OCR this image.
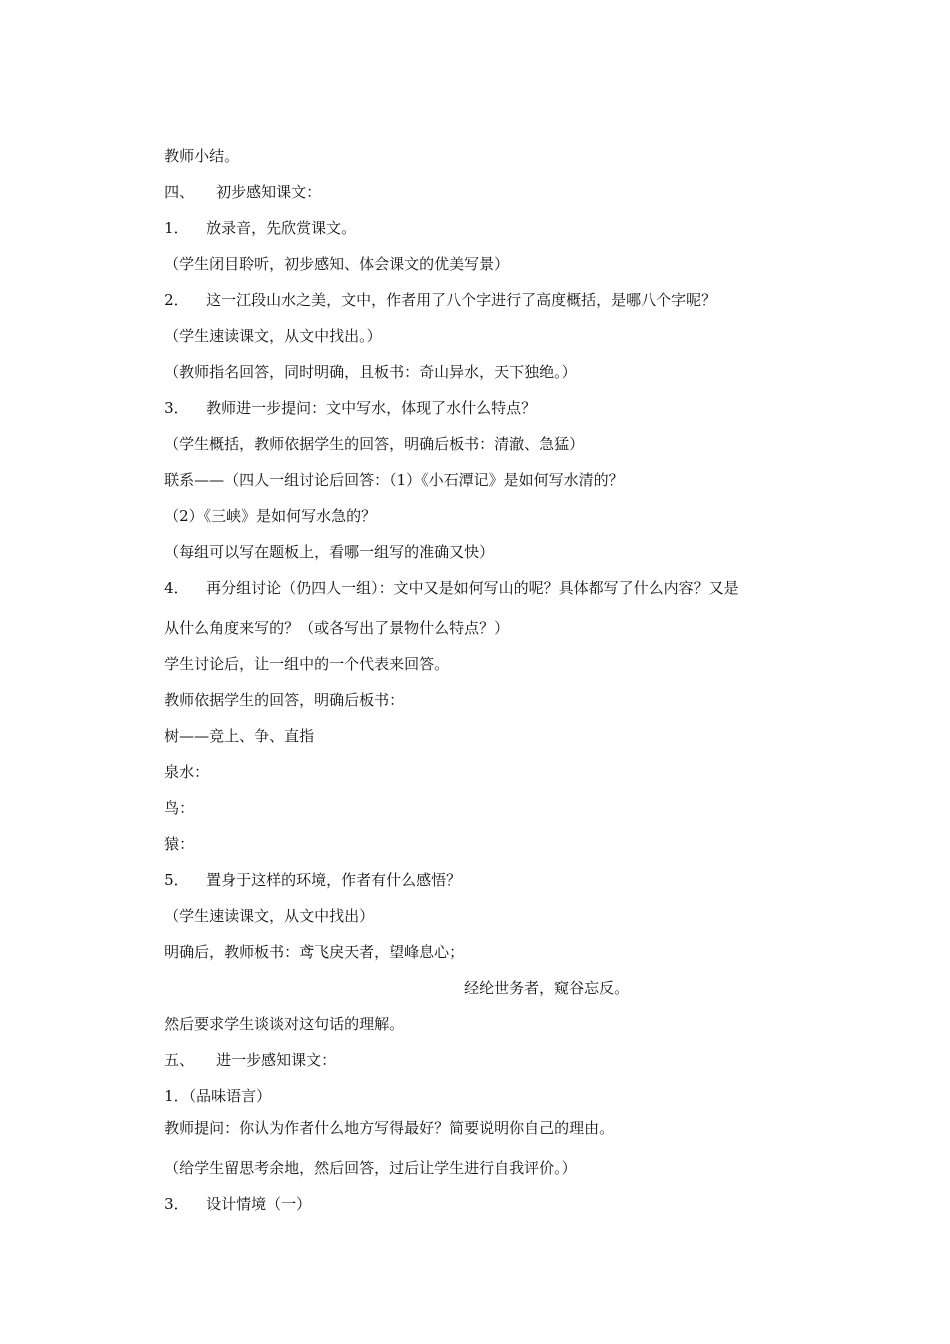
教师小结。

四、 初步感知课文：

1． 放录音，先欣赏课文。

（学生闭目聆听，初步感知、体会课文的优美写景）

2． 这一江段山水之美，文中，作者用了八个字进行了高度概括，是哪八个字呢？

（学生速读课文，从文中找出。）

（教师指名回答，同时明确，且板书：奇山异水，天下独绝。）

3． 教师进一步提问：文中写水，体现了水什么特点？

（学生概括，教师依据学生的回答，明确后板书：清澈、急猛）

联系——（四人一组讨论后回答：（1）《小石潭记》是如何写水清的？

（2）《三峡》是如何写水急的？

（每组可以写在题板上，看哪一组写的准确又快）

4． 再分组讨论（仍四人一组）：文中又是如何写山的呢？具体都写了什么内容？又是

从什么角度来写的？（或各写出了景物什么特点？）

学生讨论后，让一组中的一个代表来回答。

教师依据学生的回答，明确后板书：

树——竞上、争、直指

泉水：

鸟：

猿：

5． 置身于这样的环境，作者有什么感悟？

（学生速读课文，从文中找出）

明确后，教师板书：鸢飞戾天者，望峰息心；

经纶世务者，窥谷忘反。

然后要求学生谈谈对这句话的理解。

五、 进一步感知课文：

1．（品味语言）

教师提问：你认为作者什么地方写得最好？简要说明你自己的理由。

（给学生留思考余地，然后回答，过后让学生进行自我评价。）

3． 设计情境（一）
